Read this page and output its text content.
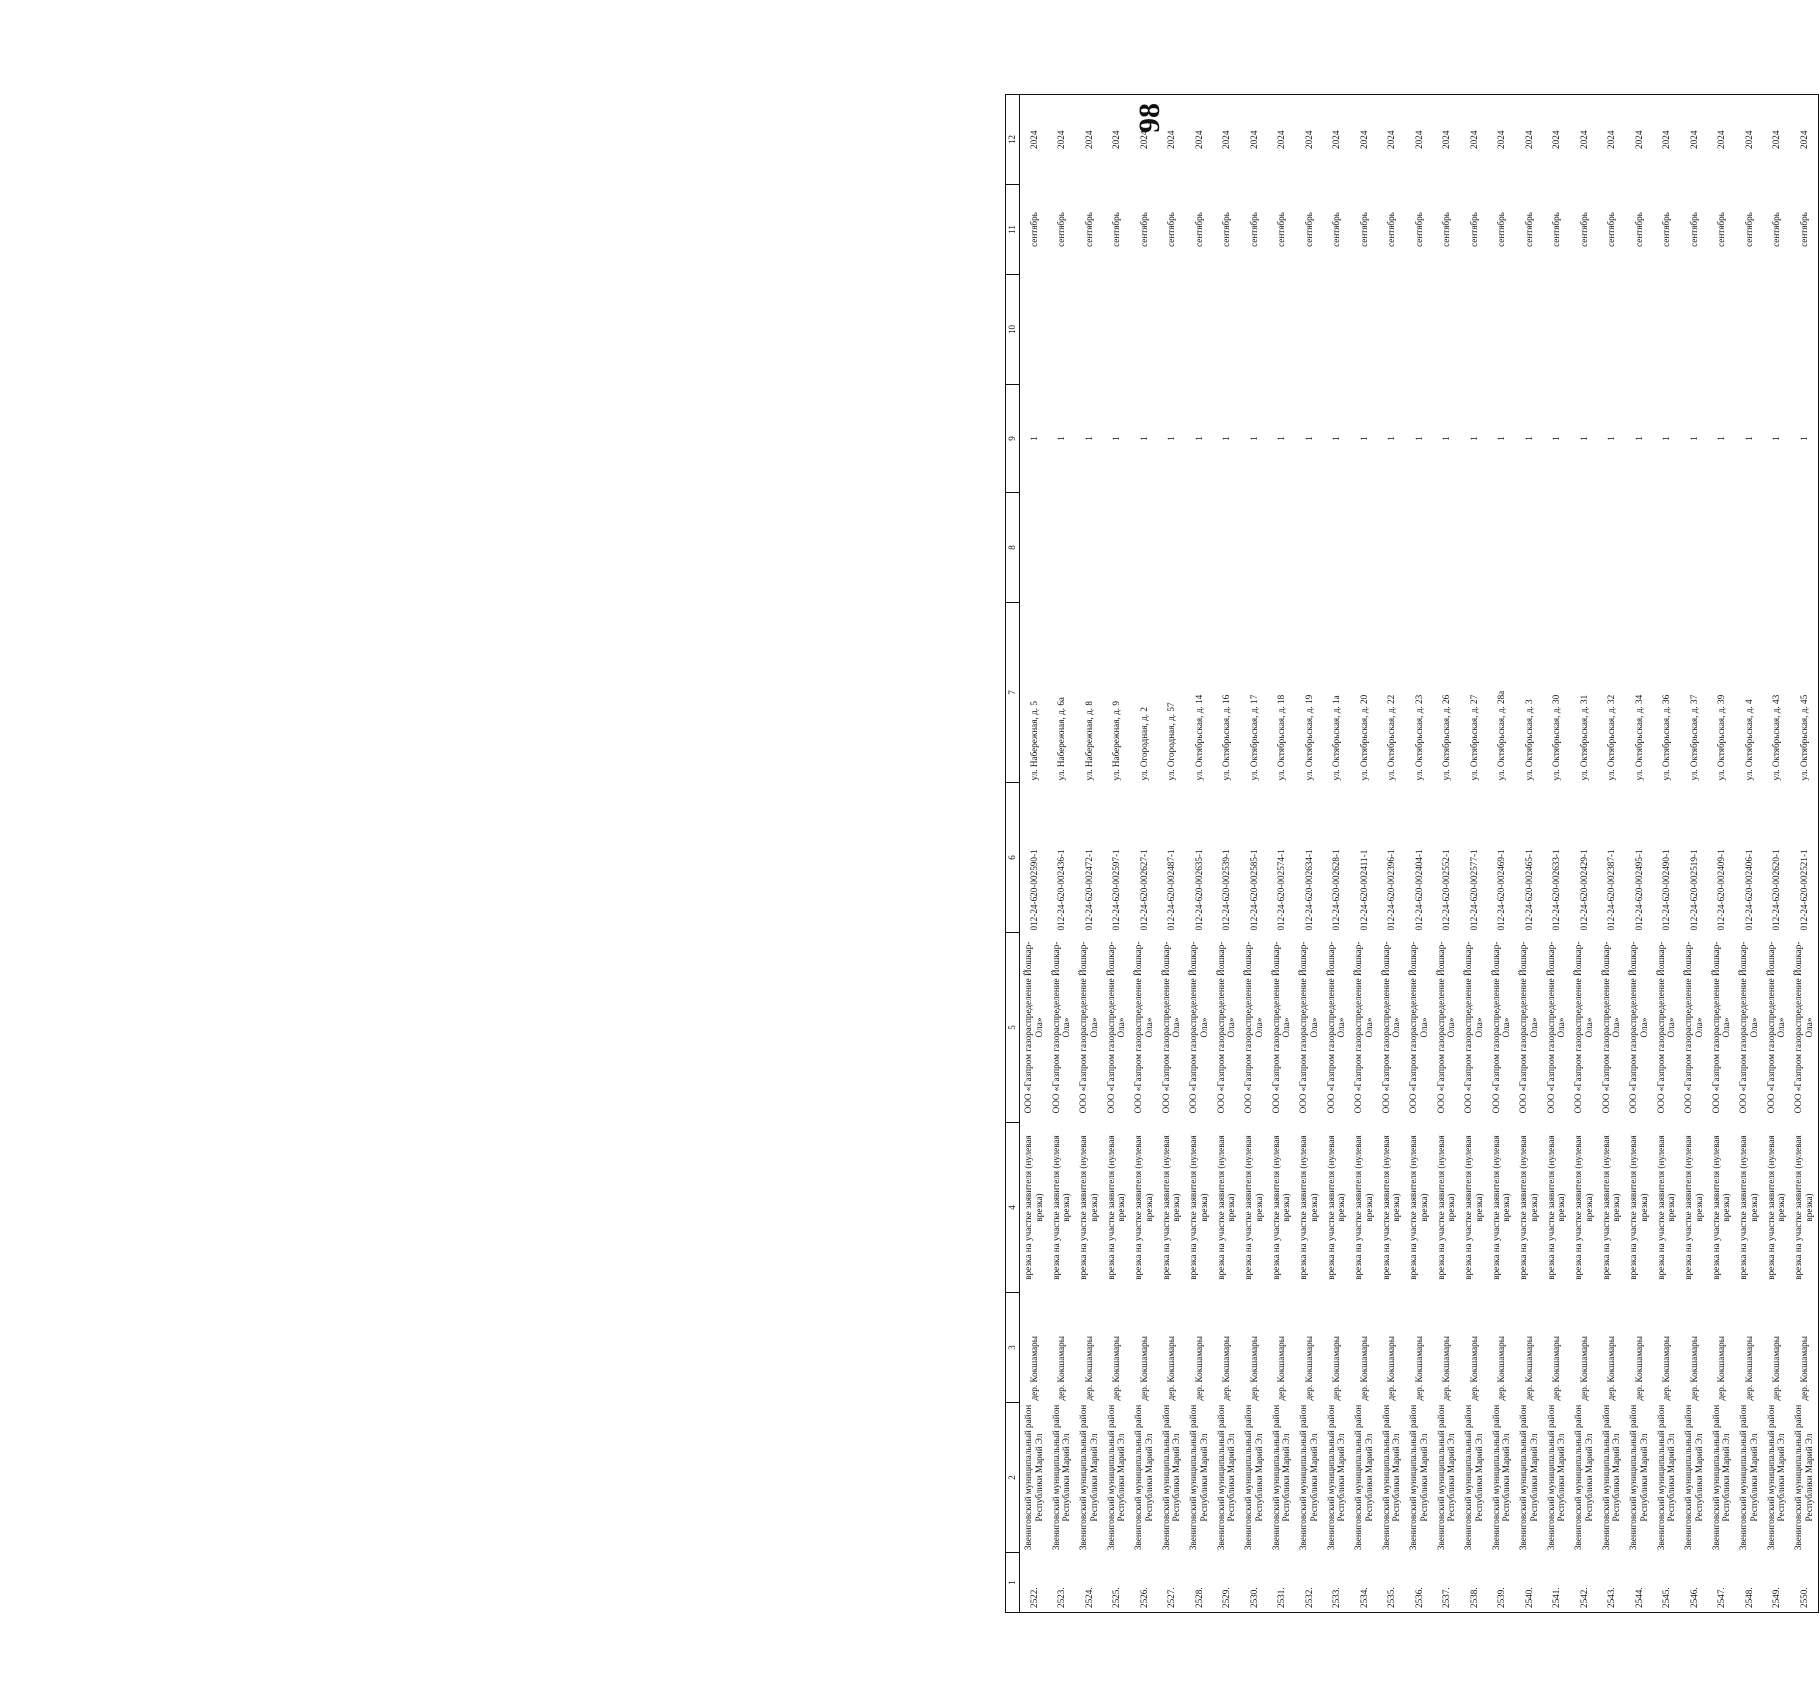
98
1	2	3	4	5	6	7	8	9	10	11	12
2522.	Звениговский муниципальный район Республики Марий Эл	дер. Кокшамары	врезка на участке заявителя (нулевая врезка)	ООО «Газпром газораспределение Йошкар-Ола»	012-24-620-002590-1	ул. Набережная, д. 5		1		сентябрь	2024
2523.	Звениговский муниципальный район Республики Марий Эл	дер. Кокшамары	врезка на участке заявителя (нулевая врезка)	ООО «Газпром газораспределение Йошкар-Ола»	012-24-620-002436-1	ул. Набережная, д. 6а		1		сентябрь	2024
2524.	Звениговский муниципальный район Республики Марий Эл	дер. Кокшамары	врезка на участке заявителя (нулевая врезка)	ООО «Газпром газораспределение Йошкар-Ола»	012-24-620-002472-1	ул. Набережная, д. 8		1		сентябрь	2024
2525.	Звениговский муниципальный район Республики Марий Эл	дер. Кокшамары	врезка на участке заявителя (нулевая врезка)	ООО «Газпром газораспределение Йошкар-Ола»	012-24-620-002597-1	ул. Набережная, д. 9		1		сентябрь	2024
2526.	Звениговский муниципальный район Республики Марий Эл	дер. Кокшамары	врезка на участке заявителя (нулевая врезка)	ООО «Газпром газораспределение Йошкар-Ола»	012-24-620-002627-1	ул. Огородная, д. 2		1		сентябрь	2024
2527.	Звениговский муниципальный район Республики Марий Эл	дер. Кокшамары	врезка на участке заявителя (нулевая врезка)	ООО «Газпром газораспределение Йошкар-Ола»	012-24-620-002487-1	ул. Огородная, д. 57		1		сентябрь	2024
2528.	Звениговский муниципальный район Республики Марий Эл	дер. Кокшамары	врезка на участке заявителя (нулевая врезка)	ООО «Газпром газораспределение Йошкар-Ола»	012-24-620-002635-1	ул. Октябрьская, д. 14		1		сентябрь	2024
2529.	Звениговский муниципальный район Республики Марий Эл	дер. Кокшамары	врезка на участке заявителя (нулевая врезка)	ООО «Газпром газораспределение Йошкар-Ола»	012-24-620-002539-1	ул. Октябрьская, д. 16		1		сентябрь	2024
2530.	Звениговский муниципальный район Республики Марий Эл	дер. Кокшамары	врезка на участке заявителя (нулевая врезка)	ООО «Газпром газораспределение Йошкар-Ола»	012-24-620-002585-1	ул. Октябрьская, д. 17		1		сентябрь	2024
2531.	Звениговский муниципальный район Республики Марий Эл	дер. Кокшамары	врезка на участке заявителя (нулевая врезка)	ООО «Газпром газораспределение Йошкар-Ола»	012-24-620-002574-1	ул. Октябрьская, д. 18		1		сентябрь	2024
2532.	Звениговский муниципальный район Республики Марий Эл	дер. Кокшамары	врезка на участке заявителя (нулевая врезка)	ООО «Газпром газораспределение Йошкар-Ола»	012-24-620-002634-1	ул. Октябрьская, д. 19		1		сентябрь	2024
2533.	Звениговский муниципальный район Республики Марий Эл	дер. Кокшамары	врезка на участке заявителя (нулевая врезка)	ООО «Газпром газораспределение Йошкар-Ола»	012-24-620-002628-1	ул. Октябрьская, д. 1а		1		сентябрь	2024
2534.	Звениговский муниципальный район Республики Марий Эл	дер. Кокшамары	врезка на участке заявителя (нулевая врезка)	ООО «Газпром газораспределение Йошкар-Ола»	012-24-620-002411-1	ул. Октябрьская, д. 20		1		сентябрь	2024
2535.	Звениговский муниципальный район Республики Марий Эл	дер. Кокшамары	врезка на участке заявителя (нулевая врезка)	ООО «Газпром газораспределение Йошкар-Ола»	012-24-620-002396-1	ул. Октябрьская, д. 22		1		сентябрь	2024
2536.	Звениговский муниципальный район Республики Марий Эл	дер. Кокшамары	врезка на участке заявителя (нулевая врезка)	ООО «Газпром газораспределение Йошкар-Ола»	012-24-620-002404-1	ул. Октябрьская, д. 23		1		сентябрь	2024
2537.	Звениговский муниципальный район Республики Марий Эл	дер. Кокшамары	врезка на участке заявителя (нулевая врезка)	ООО «Газпром газораспределение Йошкар-Ола»	012-24-620-002552-1	ул. Октябрьская, д. 26		1		сентябрь	2024
2538.	Звениговский муниципальный район Республики Марий Эл	дер. Кокшамары	врезка на участке заявителя (нулевая врезка)	ООО «Газпром газораспределение Йошкар-Ола»	012-24-620-002577-1	ул. Октябрьская, д. 27		1		сентябрь	2024
2539.	Звениговский муниципальный район Республики Марий Эл	дер. Кокшамары	врезка на участке заявителя (нулевая врезка)	ООО «Газпром газораспределение Йошкар-Ола»	012-24-620-002469-1	ул. Октябрьская, д. 28а		1		сентябрь	2024
2540.	Звениговский муниципальный район Республики Марий Эл	дер. Кокшамары	врезка на участке заявителя (нулевая врезка)	ООО «Газпром газораспределение Йошкар-Ола»	012-24-620-002465-1	ул. Октябрьская, д. 3		1		сентябрь	2024
2541.	Звениговский муниципальный район Республики Марий Эл	дер. Кокшамары	врезка на участке заявителя (нулевая врезка)	ООО «Газпром газораспределение Йошкар-Ола»	012-24-620-002633-1	ул. Октябрьская, д. 30		1		сентябрь	2024
2542.	Звениговский муниципальный район Республики Марий Эл	дер. Кокшамары	врезка на участке заявителя (нулевая врезка)	ООО «Газпром газораспределение Йошкар-Ола»	012-24-620-002429-1	ул. Октябрьская, д. 31		1		сентябрь	2024
2543.	Звениговский муниципальный район Республики Марий Эл	дер. Кокшамары	врезка на участке заявителя (нулевая врезка)	ООО «Газпром газораспределение Йошкар-Ола»	012-24-620-002387-1	ул. Октябрьская, д. 32		1		сентябрь	2024
2544.	Звениговский муниципальный район Республики Марий Эл	дер. Кокшамары	врезка на участке заявителя (нулевая врезка)	ООО «Газпром газораспределение Йошкар-Ола»	012-24-620-002495-1	ул. Октябрьская, д. 34		1		сентябрь	2024
2545.	Звениговский муниципальный район Республики Марий Эл	дер. Кокшамары	врезка на участке заявителя (нулевая врезка)	ООО «Газпром газораспределение Йошкар-Ола»	012-24-620-002490-1	ул. Октябрьская, д. 36		1		сентябрь	2024
2546.	Звениговский муниципальный район Республики Марий Эл	дер. Кокшамары	врезка на участке заявителя (нулевая врезка)	ООО «Газпром газораспределение Йошкар-Ола»	012-24-620-002519-1	ул. Октябрьская, д. 37		1		сентябрь	2024
2547.	Звениговский муниципальный район Республики Марий Эл	дер. Кокшамары	врезка на участке заявителя (нулевая врезка)	ООО «Газпром газораспределение Йошкар-Ола»	012-24-620-002409-1	ул. Октябрьская, д. 39		1		сентябрь	2024
2548.	Звениговский муниципальный район Республики Марий Эл	дер. Кокшамары	врезка на участке заявителя (нулевая врезка)	ООО «Газпром газораспределение Йошкар-Ола»	012-24-620-002406-1	ул. Октябрьская, д. 4		1		сентябрь	2024
2549.	Звениговский муниципальный район Республики Марий Эл	дер. Кокшамары	врезка на участке заявителя (нулевая врезка)	ООО «Газпром газораспределение Йошкар-Ола»	012-24-620-002620-1	ул. Октябрьская, д. 43		1		сентябрь	2024
2550.	Звениговский муниципальный район Республики Марий Эл	дер. Кокшамары	врезка на участке заявителя (нулевая врезка)	ООО «Газпром газораспределение Йошкар-Ола»	012-24-620-002521-1	ул. Октябрьская, д. 45		1		сентябрь	2024
